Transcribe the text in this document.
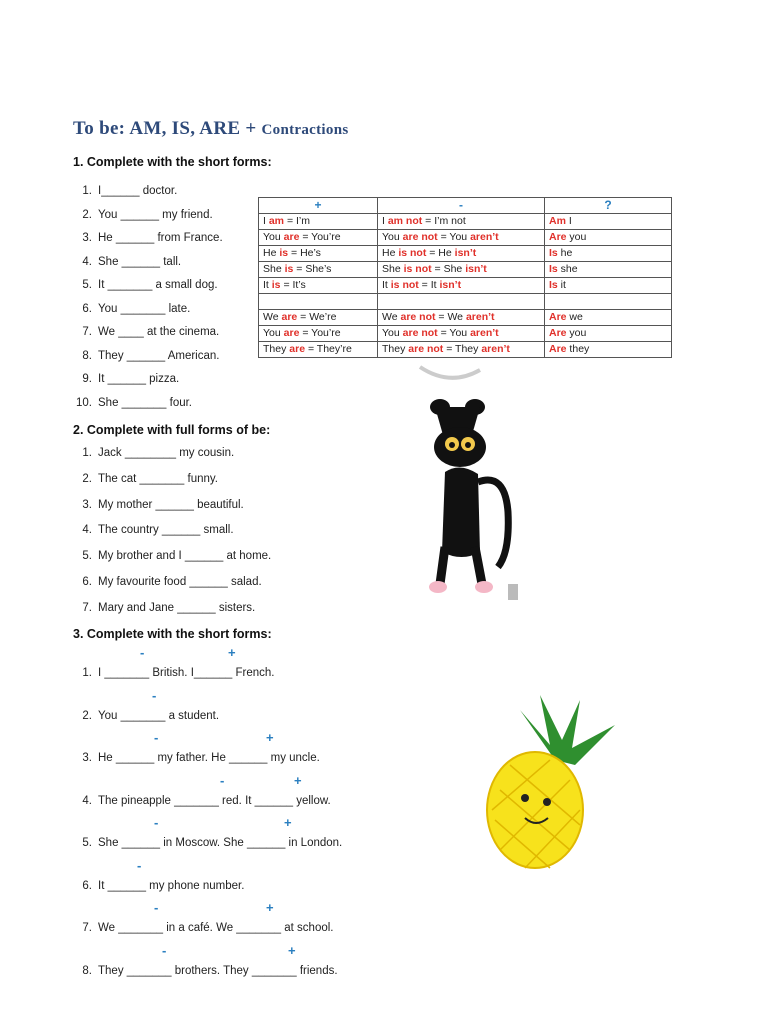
To be: AM, IS, ARE + Contractions
1. Complete with the short forms:
+	-	?
I am = I’m	I am not = I’m not	Am I
You are = You’re	You are not = You aren’t	Are you
He is = He’s	He is not = He isn’t	Is he
She is = She’s	She is not = She isn’t	Is she
It is = It’s	It is not = It isn’t	Is it

We are = We’re	We are not = We aren’t	Are we
You are = You’re	You are not = You aren’t	Are you
They are = They’re	They are not = They aren’t	Are they
2. Complete with full forms of be:
3. Complete with the short forms:
1. I______ doctor.
2. You ______ my friend.
3. He ______ from France.
4. She ______ tall.
5. It _______ a small dog.
6. You _______ late.
7. We ____ at the cinema.
8. They ______ American.
9. It ______ pizza.
10. She _______ four.
1. Jack ________ my cousin.
2. The cat _______ funny.
3. My mother ______ beautiful.
4. The country ______ small.
5. My brother and I ______ at home.
6. My favourite food ______ salad.
7. Mary and Jane ______ sisters.
1. I _______ British. I______ French.
-	+
2. You _______ a student.
-
3. He ______ my father. He ______ my uncle.
-	+
4. The pineapple _______ red. It ______ yellow.
-	+
5. She ______ in Moscow. She ______ in London.
-	+
6. It ______ my phone number.
-
7. We _______ in a café. We _______ at school.
-	+
8. They _______ brothers. They _______ friends.
-	+
